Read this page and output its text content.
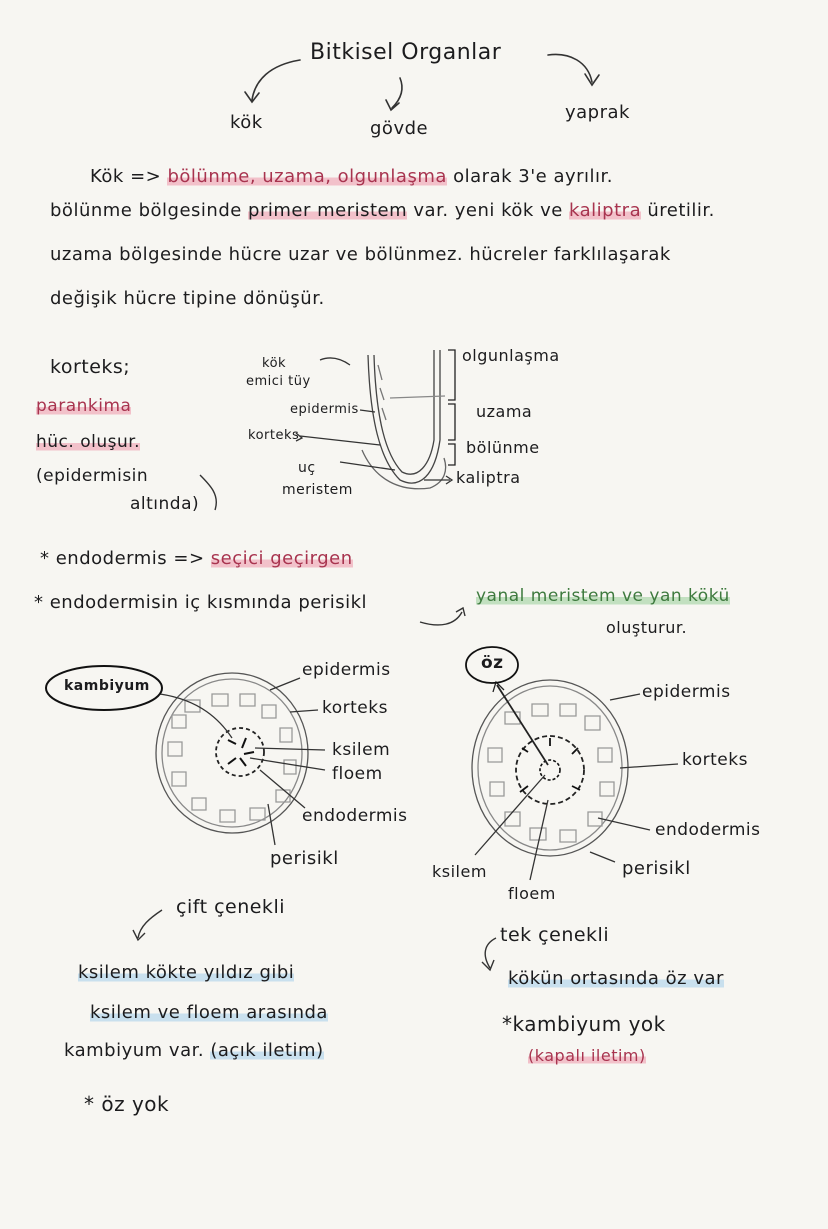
Bitkisel Organlar
kök	gövde
yaprak
Kök => bölünme, uzama, olgunlaşma olarak 3'e ayrılır.
bölünme bölgesinde primer meristem var. yeni kök ve kaliptra üretilir.
uzama bölgesinde hücre uzar ve bölünmez. hücreler farklılaşarak
değişik hücre tipine dönüşür.
korteks;
parankima
hüc. oluşur.
(epidermisin
altında)
kök
emici tüy
epidermis
korteks
uç
meristem
olgunlaşma
uzama
bölünme
kaliptra
* endodermis => seçici geçirgen
* endodermisin iç kısmında perisikl	yanal meristem ve yan kökü
oluşturur.
kambiyum
epidermis
korteks
ksilem
floem
endodermis
perisikl
öz
epidermis
korteks
endodermis
perisikl
ksilem
floem
çift çenekli
ksilem kökte yıldız gibi
ksilem ve floem arasında
kambiyum var. (açık iletim)
* öz yok
tek çenekli
kökün ortasında öz var
*kambiyum yok
(kapalı iletim)
